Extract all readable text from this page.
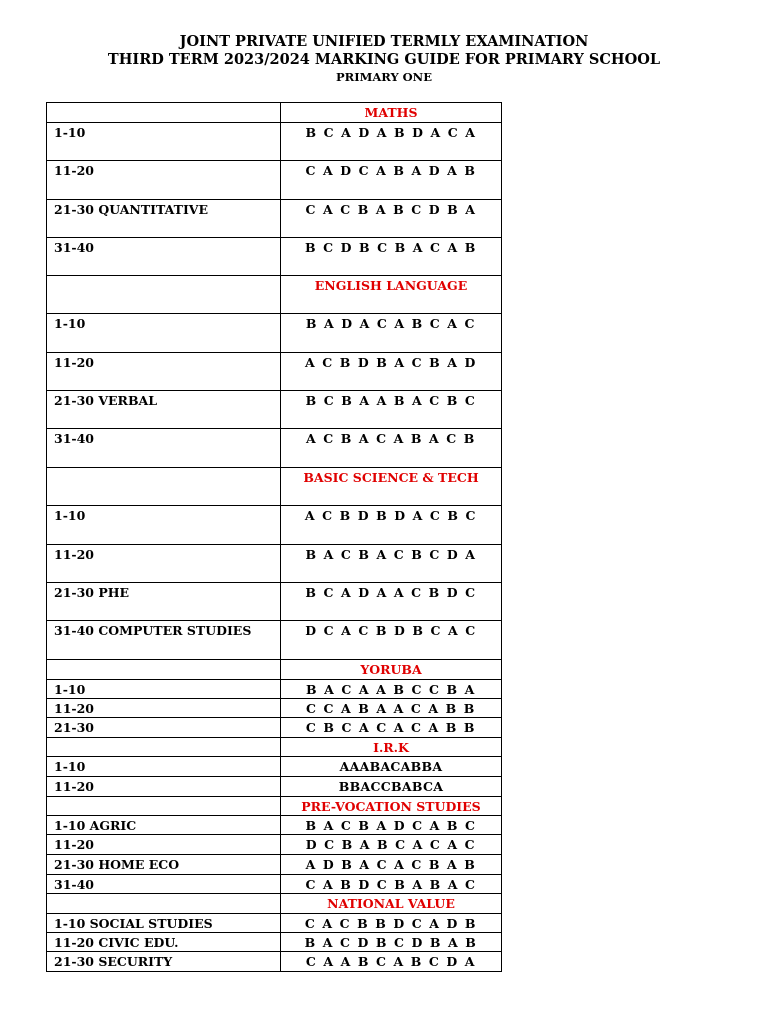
JOINT PRIVATE UNIFIED TERMLY EXAMINATION
THIRD TERM 2023/2024 MARKING GUIDE FOR PRIMARY SCHOOL
PRIMARY ONE
	MATHS
1-10	B C A D A B D A C A
11-20	C A D C A B A D A B
21-30 QUANTITATIVE	C A C B A B C D B A
31-40	B C D B C B A C A B
	ENGLISH LANGUAGE
1-10	B A D A C A B C A C
11-20	A C B D B A C B A D
21-30 VERBAL	B C B A A B A C B C
31-40	A C B A C A B A C B
	BASIC SCIENCE & TECH
1-10	A C B D B D A C B C
11-20	B A C B A C B C D A
21-30 PHE	B C A D A A C B D C
31-40 COMPUTER STUDIES	D C A C B D B C A C
	YORUBA
1-10	B A C A A B C C B A
11-20	C C A B A A C A B B
21-30	C B C A C A C A B B
	I.R.K
1-10	AAABACABBA
11-20	BBACCBABCA
	PRE-VOCATION STUDIES
1-10 AGRIC	B A C B A D C A B C
11-20	D C B A B C A C A C
21-30 HOME ECO	A D B A C A C B A B
31-40	C A B D C B A B A C
	NATIONAL VALUE
1-10 SOCIAL STUDIES	C A C B B D C A D B
11-20 CIVIC EDU.	B A C D B C D B A B
21-30 SECURITY	C A A B C A B C D A
